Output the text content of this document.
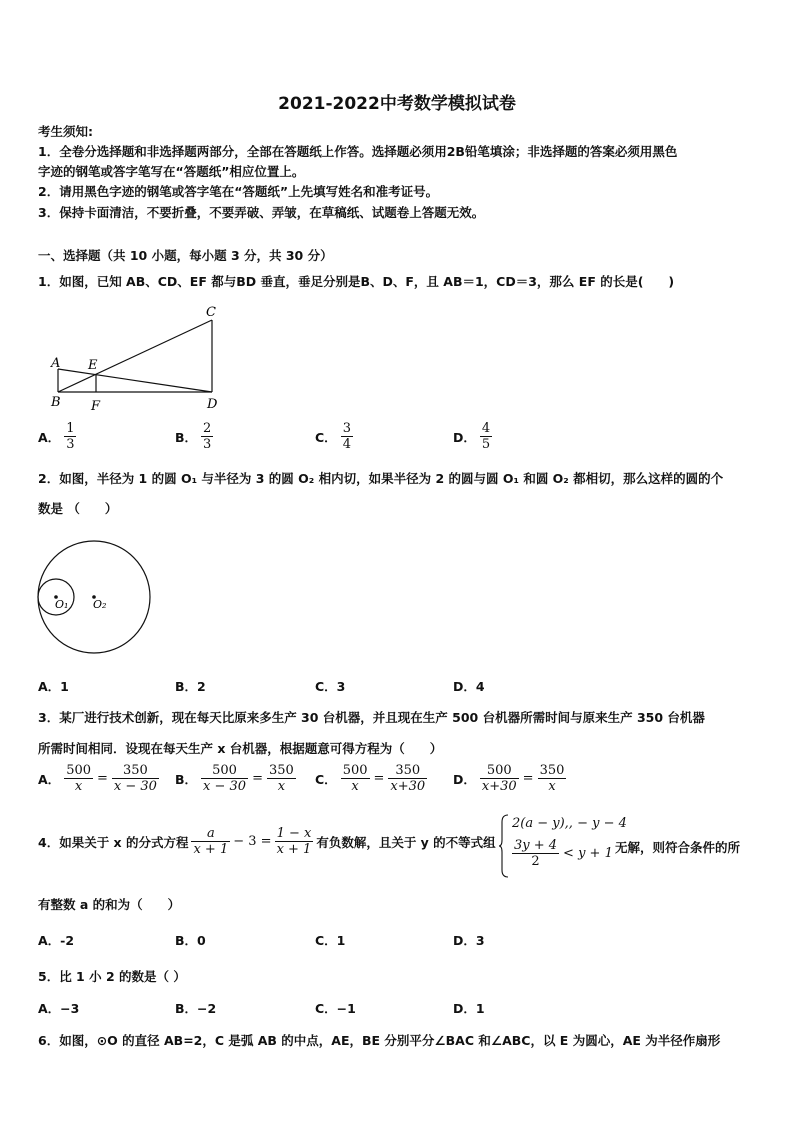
2021-2022中考数学模拟试卷
考生须知:
1．全卷分选择题和非选择题两部分，全部在答题纸上作答。选择题必须用2B铅笔填涂；非选择题的答案必须用黑色
字迹的钢笔或答字笔写在“答题纸”相应位置上。
2．请用黑色字迹的钢笔或答字笔在“答题纸”上先填写姓名和准考证号。
3．保持卡面清洁，不要折叠，不要弄破、弄皱，在草稿纸、试题卷上答题无效。
一、选择题（共 10 小题，每小题 3 分，共 30 分）
1．如图，已知 AB、CD、EF 都与BD 垂直，垂足分别是B、D、F，且 AB＝1，CD＝3，那么 EF 的长是(　　)
C
A E
B F	D
A． $\frac{1}{3}$	B． $\frac{2}{3}$	C． $\frac{3}{4}$	D． $\frac{4}{5}$
2．如图，半径为 1 的圆 O₁ 与半径为 3 的圆 O₂ 相内切，如果半径为 2 的圆与圆 O₁ 和圆 O₂ 都相切，那么这样的圆的个
数是 （　　）
O₁ O₂
A．1	B．2	C．3	D．4
3．某厂进行技术创新，现在每天比原来多生产 30 台机器，并且现在生产 500 台机器所需时间与原来生产 350 台机器
所需时间相同．设现在每天生产 x 台机器，根据题意可得方程为（　　）
A． $\frac{500}{x} = \frac{350}{x - 30}$ B． $\frac{500}{x - 30} = \frac{350}{x}$ C． $\frac{500}{x} = \frac{350}{x+30}$ D． $\frac{500}{x+30} = \frac{350}{x}$
4．如果关于 x 的分式方程 $\frac{a}{x + 1} - 3 = \frac{1 - x}{x + 1}$ 有负数解，且关于 y 的不等式组
2(a − y),, − y − 4
$\frac{3y + 4}{2} < y + 1$ 无解，则符合条件的所
有整数 a 的和为（　　）
A．-2	B．0	C．1	D．3
5．比 1 小 2 的数是（ ）
A．−3	B．−2	C．−1	D．1
6．如图，⊙O 的直径 AB=2，C 是弧 AB 的中点，AE，BE 分别平分∠BAC 和∠ABC，以 E 为圆心，AE 为半径作扇形
